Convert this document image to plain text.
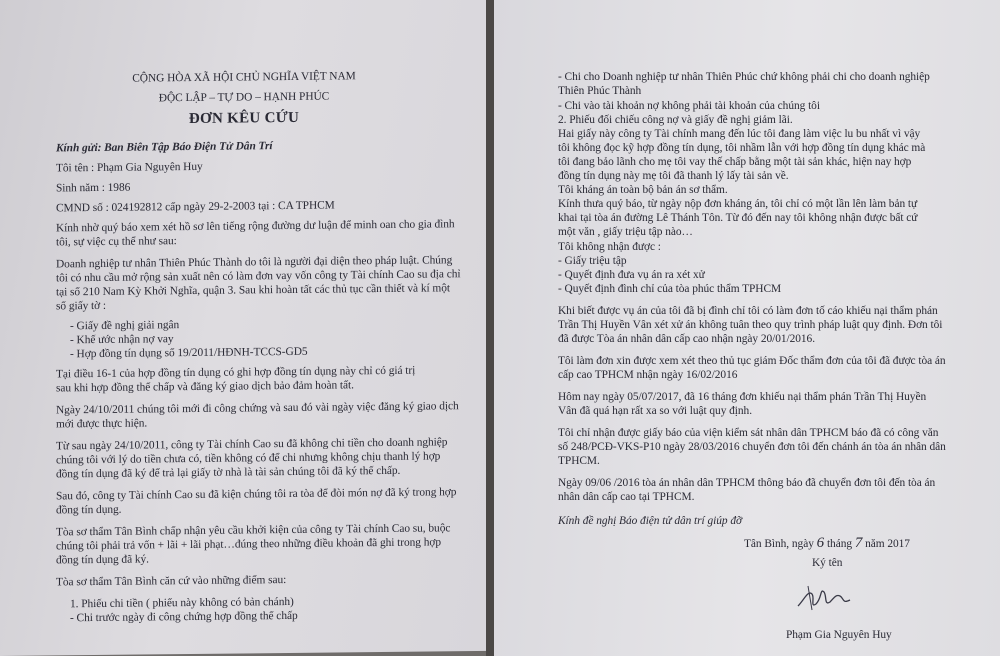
CỘNG HÒA XÃ HỘI CHỦ NGHĨA VIỆT NAM
ĐỘC LẬP – TỰ DO – HẠNH PHÚC
ĐƠN KÊU CỨU
Kính gửi: Ban Biên Tập Báo Điện Tử Dân Trí
Tôi tên : Phạm Gia Nguyên Huy
Sinh năm : 1986
CMND số : 024192812 cấp ngày 29-2-2003 tại : CA TPHCM
Kính nhờ quý báo xem xét hồ sơ lên tiếng rộng đường dư luận để minh oan cho gia đình
tôi, sự việc cụ thể như sau:
Doanh nghiệp tư nhân Thiên Phúc Thành do tôi là người đại diện theo pháp luật. Chúng
tôi có nhu cầu mở rộng sản xuất nên có làm đơn vay vốn công ty Tài chính Cao su địa chỉ
tại số 210 Nam Kỳ Khởi Nghĩa, quận 3. Sau khi hoàn tất các thủ tục cần thiết và kí một
số giấy tờ :
- Giấy đề nghị giải ngân
- Khế ước nhận nợ vay
- Hợp đồng tín dụng số 19/2011/HĐNH-TCCS-GD5
Tại điều 16-1 của hợp đồng tín dụng có ghi hợp đồng tín dụng này chỉ có giá trị
sau khi hợp đồng thế chấp và đăng ký giao dịch bảo đảm hoàn tất.
Ngày 24/10/2011 chúng tôi mới đi công chứng và sau đó vài ngày việc đăng ký giao dịch
mới được thực hiện.
Từ sau ngày 24/10/2011, công ty Tài chính Cao su đã không chi tiền cho doanh nghiệp
chúng tôi với lý do tiền chưa có, tiền không có để chi nhưng không chịu thanh lý hợp
đồng tín dụng đã ký để trả lại giấy tờ nhà là tài sản chúng tôi đã ký thế chấp.
Sau đó, công ty Tài chính Cao su đã kiện chúng tôi ra tòa để đòi món nợ đã ký trong hợp
đồng tín dụng.
Tòa sơ thẩm Tân Bình chấp nhận yêu cầu khởi kiện của công ty Tài chính Cao su, buộc
chúng tôi phải trả vốn + lãi + lãi phạt…đúng theo những điều khoản đã ghi trong hợp
đồng tín dụng đã ký.
Tòa sơ thẩm Tân Bình căn cứ vào những điểm sau:
1. Phiếu chi tiền ( phiếu này không có bản chánh)
- Chi trước ngày đi công chứng hợp đồng thế chấp
- Chi cho Doanh nghiệp tư nhân Thiên Phúc chứ không phải chi cho doanh nghiệp
Thiên Phúc Thành
- Chi vào tài khoản nợ không phải tài khoản của chúng tôi
2. Phiếu đối chiếu công nợ và giấy đề nghị giảm lãi.
Hai giấy này công ty Tài chính mang đến lúc tôi đang làm việc lu bu nhất vì vậy
tôi không đọc kỹ hợp đồng tín dụng, tôi nhầm lẫn với hợp đồng tín dụng khác mà
tôi đang bảo lãnh cho mẹ tôi vay thế chấp bằng một tài sản khác, hiện nay hợp
đồng tín dụng này mẹ tôi đã thanh lý lấy tài sản về.
Tôi kháng án toàn bộ bản án sơ thẩm.
Kính thưa quý báo, từ ngày nộp đơn kháng án, tôi chỉ có một lần lên làm bản tự
khai tại tòa án đường Lê Thánh Tôn. Từ đó đến nay tôi không nhận được bất cứ
một văn , giấy triệu tập nào…
Tôi không nhận được :
- Giấy triệu tập
- Quyết định đưa vụ án ra xét xử
- Quyết định đình chỉ của tòa phúc thẩm TPHCM
Khi biết được vụ án của tôi đã bị đình chỉ tôi có làm đơn tố cáo khiếu nại thẩm phán
Trần Thị Huyền Vân xét xử án không tuân theo quy trình pháp luật quy định. Đơn tôi
đã được Tòa án nhân dân cấp cao nhận ngày 20/01/2016.
Tôi làm đơn xin được xem xét theo thủ tục giám Đốc thẩm đơn của tôi đã được tòa án
cấp cao TPHCM nhận ngày 16/02/2016
Hôm nay ngày 05/07/2017, đã 16 tháng đơn khiếu nại thẩm phán Trần Thị Huyền
Vân đã quá hạn rất xa so với luật quy định.
Tôi chỉ nhận được giấy báo của viện kiểm sát nhân dân TPHCM báo đã có công văn
số 248/PCĐ-VKS-P10 ngày 28/03/2016 chuyển đơn tôi đến chánh án tòa án nhân dân
TPHCM.
Ngày 09/06 /2016 tòa án nhân dân TPHCM thông báo đã chuyển đơn tôi đến tòa án
nhân dân cấp cao tại TPHCM.
Kính đề nghị Báo điện tử dân trí giúp đỡ
Tân Bình, ngày 6 tháng 7 năm 2017
Ký tên
Phạm Gia Nguyên Huy
